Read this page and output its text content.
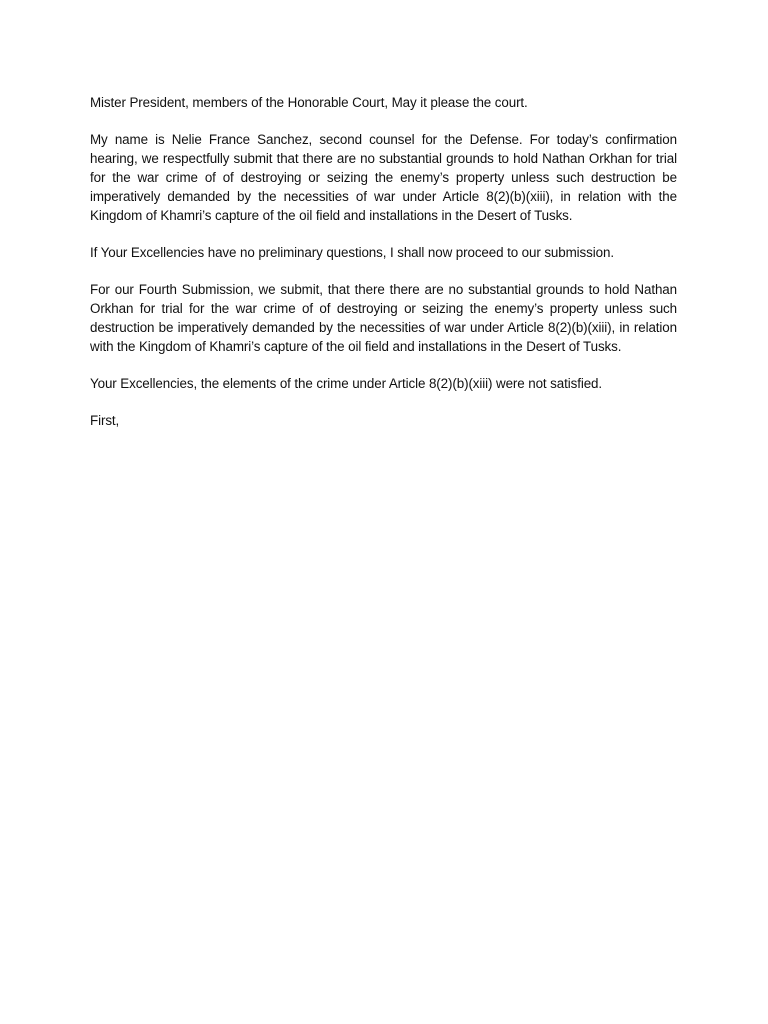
Mister President, members of the Honorable Court, May it please the court.

My name is Nelie France Sanchez, second counsel for the Defense. For today’s confirmation hearing, we respectfully submit that there are no substantial grounds to hold Nathan Orkhan for trial for the war crime of of destroying or seizing the enemy’s property unless such destruction be imperatively demanded by the necessities of war under Article 8(2)(b)(xiii), in relation with the Kingdom of Khamri’s capture of the oil field and installations in the Desert of Tusks.

If Your Excellencies have no preliminary questions, I shall now proceed to our submission.

For our Fourth Submission, we submit, that there there are no substantial grounds to hold Nathan Orkhan for trial for the war crime of of destroying or seizing the enemy’s property unless such destruction be imperatively demanded by the necessities of war under Article 8(2)(b)(xiii), in relation with the Kingdom of Khamri’s capture of the oil field and installations in the Desert of Tusks.

Your Excellencies, the elements of the crime under Article 8(2)(b)(xiii) were not satisfied.

First,
